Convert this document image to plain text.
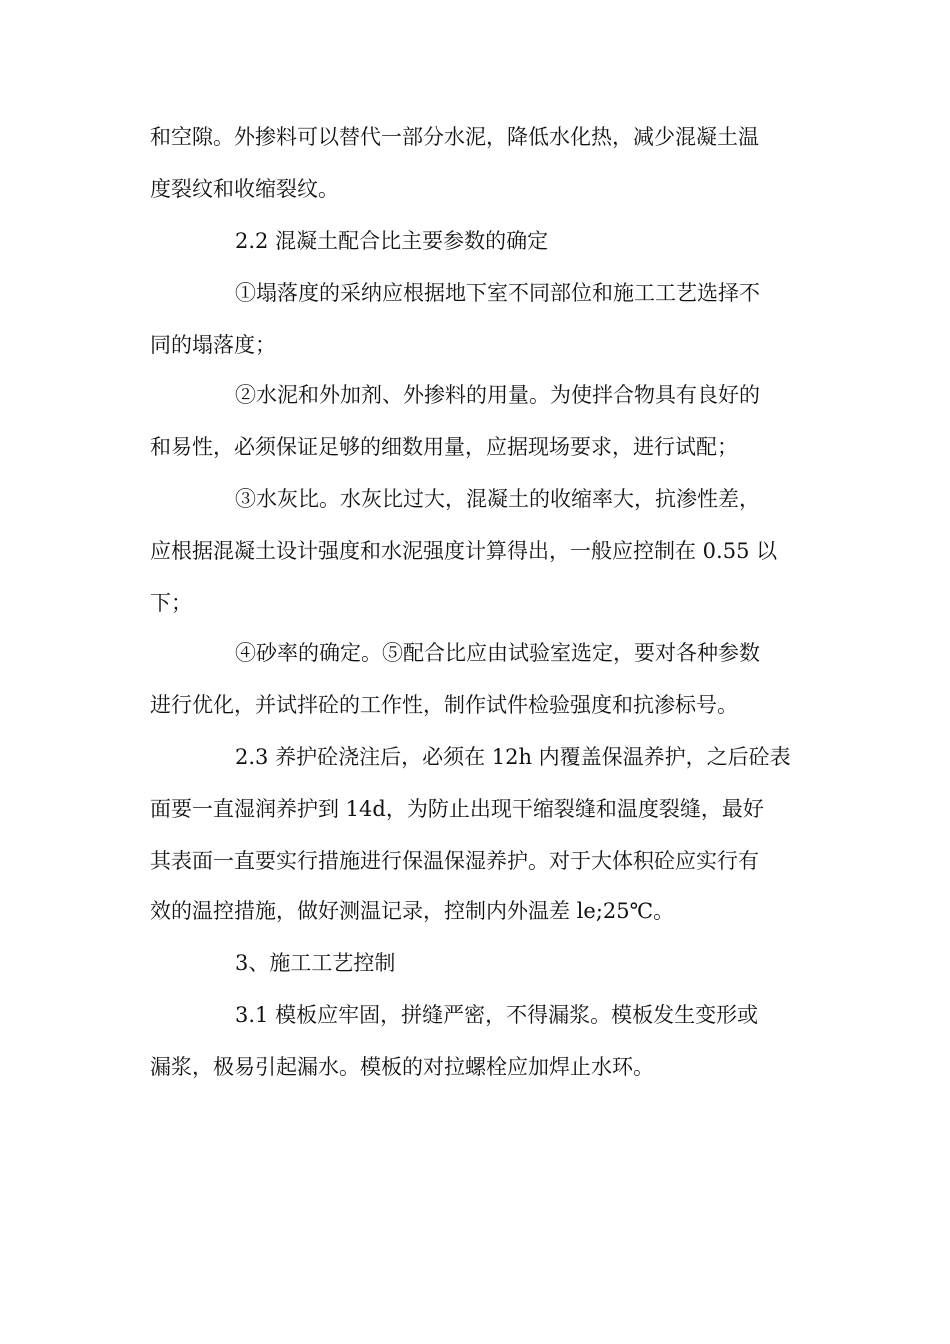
和空隙。外掺料可以替代一部分水泥，降低水化热，减少混凝土温
度裂纹和收缩裂纹。
2.2 混凝土配合比主要参数的确定
①塌落度的采纳应根据地下室不同部位和施工工艺选择不
同的塌落度；
②水泥和外加剂、外掺料的用量。为使拌合物具有良好的
和易性，必须保证足够的细数用量，应据现场要求，进行试配；
③水灰比。水灰比过大，混凝土的收缩率大，抗渗性差，
应根据混凝土设计强度和水泥强度计算得出，一般应控制在 0.55 以
下；
④砂率的确定。⑤配合比应由试验室选定，要对各种参数
进行优化，并试拌砼的工作性，制作试件检验强度和抗渗标号。
2.3 养护砼浇注后，必须在 12h 内覆盖保温养护，之后砼表
面要一直湿润养护到 14d，为防止出现干缩裂缝和温度裂缝，最好
其表面一直要实行措施进行保温保湿养护。对于大体积砼应实行有
效的温控措施，做好测温记录，控制内外温差 le;25℃。
3、施工工艺控制
3.1 模板应牢固，拼缝严密，不得漏浆。模板发生变形或
漏浆，极易引起漏水。模板的对拉螺栓应加焊止水环。
